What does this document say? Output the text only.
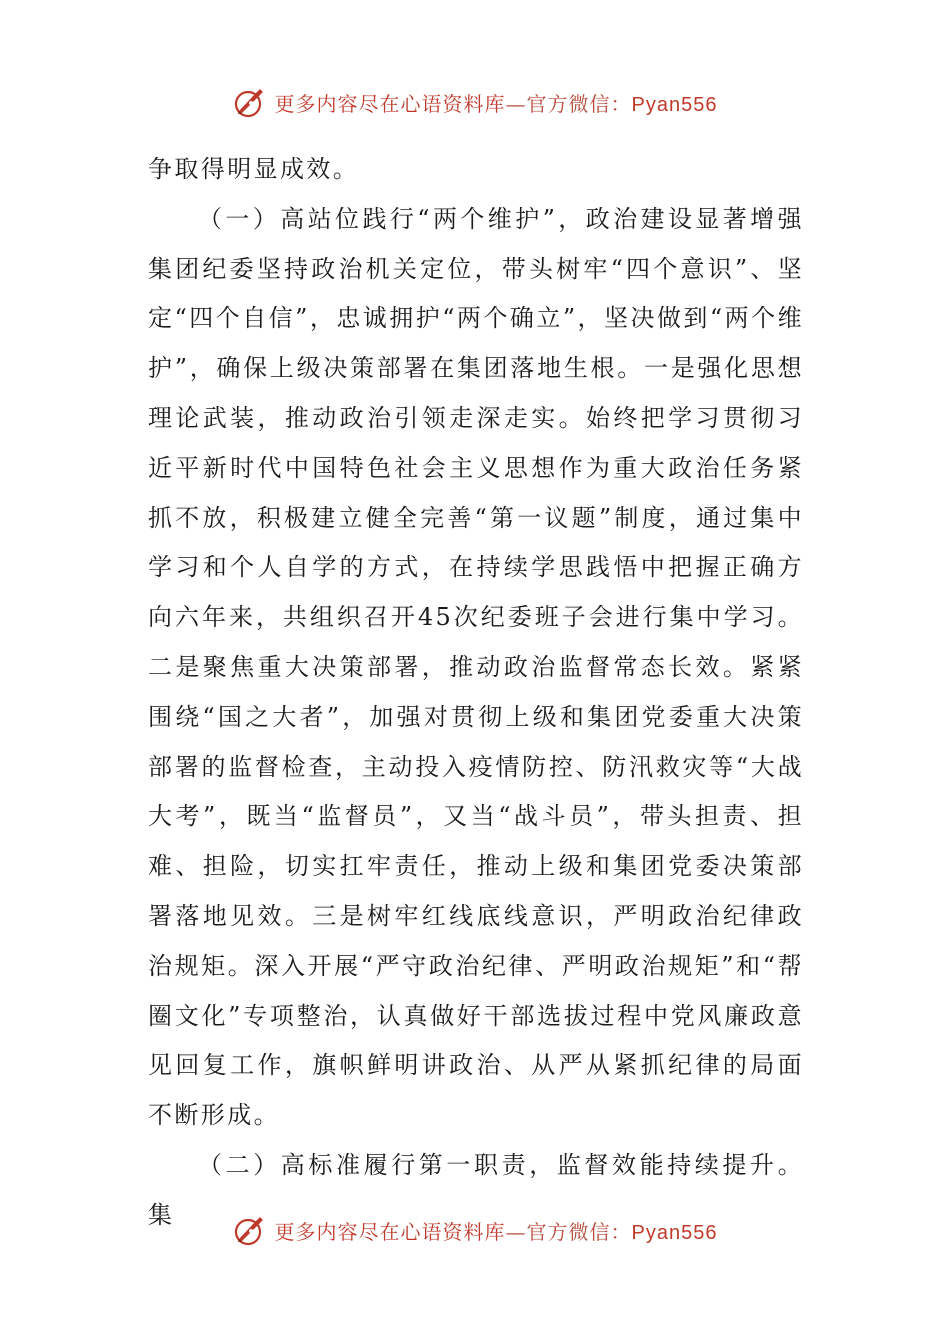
更多内容尽在心语资料库—官方微信：Pyan556

争取得明显成效。

（一）高站位践行“两个维护”，政治建设显著增强集团纪委坚持政治机关定位，带头树牢“四个意识”、坚定“四个自信”，忠诚拥护“两个确立”，坚决做到“两个维护”，确保上级决策部署在集团落地生根。一是强化思想理论武装，推动政治引领走深走实。始终把学习贯彻习近平新时代中国特色社会主义思想作为重大政治任务紧抓不放，积极建立健全完善“第一议题”制度，通过集中学习和个人自学的方式，在持续学思践悟中把握正确方向六年来，共组织召开45次纪委班子会进行集中学习。二是聚焦重大决策部署，推动政治监督常态长效。紧紧围绕“国之大者”，加强对贯彻上级和集团党委重大决策部署的监督检查，主动投入疫情防控、防汛救灾等“大战大考”，既当“监督员”，又当“战斗员”，带头担责、担难、担险，切实扛牢责任，推动上级和集团党委决策部署落地见效。三是树牢红线底线意识，严明政治纪律政治规矩。深入开展“严守政治纪律、严明政治规矩”和“帮圈文化”专项整治，认真做好干部选拔过程中党风廉政意见回复工作，旗帜鲜明讲政治、从严从紧抓纪律的局面不断形成。

（二）高标准履行第一职责，监督效能持续提升。集

更多内容尽在心语资料库—官方微信：Pyan556
